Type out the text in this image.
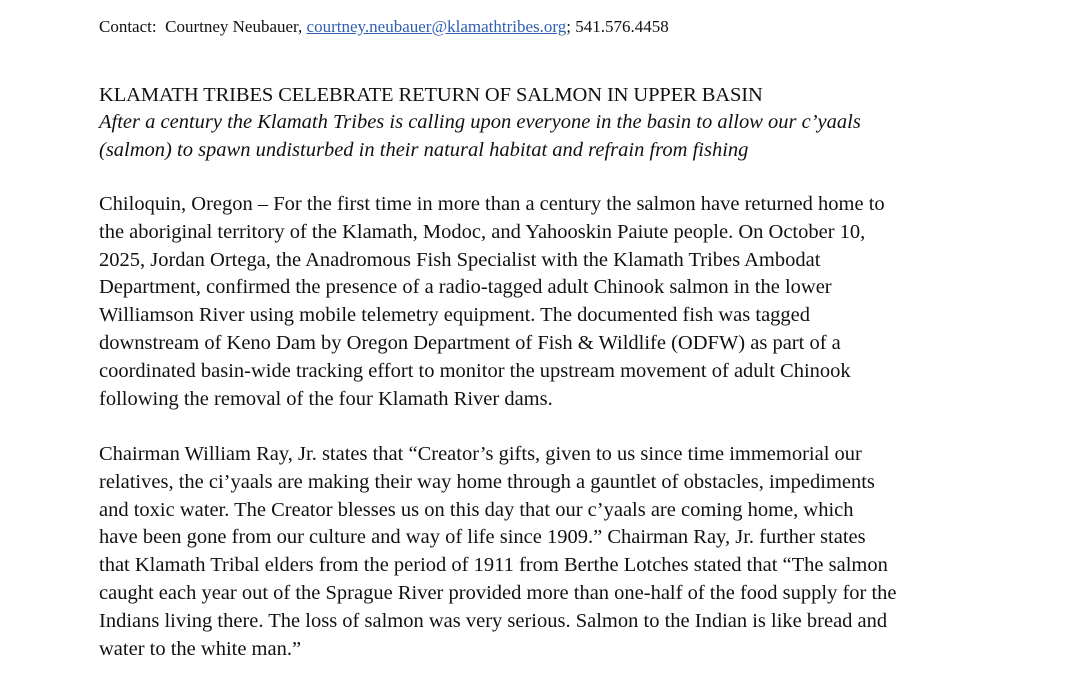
Contact: Courtney Neubauer, courtney.neubauer@klamathtribes.org; 541.576.4458
KLAMATH TRIBES CELEBRATE RETURN OF SALMON IN UPPER BASIN
After a century the Klamath Tribes is calling upon everyone in the basin to allow our c’yaals
(salmon) to spawn undisturbed in their natural habitat and refrain from fishing
Chiloquin, Oregon – For the first time in more than a century the salmon have returned home to
the aboriginal territory of the Klamath, Modoc, and Yahooskin Paiute people. On October 10,
2025, Jordan Ortega, the Anadromous Fish Specialist with the Klamath Tribes Ambodat
Department, confirmed the presence of a radio-tagged adult Chinook salmon in the lower
Williamson River using mobile telemetry equipment. The documented fish was tagged
downstream of Keno Dam by Oregon Department of Fish & Wildlife (ODFW) as part of a
coordinated basin-wide tracking effort to monitor the upstream movement of adult Chinook
following the removal of the four Klamath River dams.
Chairman William Ray, Jr. states that “Creator’s gifts, given to us since time immemorial our
relatives, the ci’yaals are making their way home through a gauntlet of obstacles, impediments
and toxic water. The Creator blesses us on this day that our c’yaals are coming home, which
have been gone from our culture and way of life since 1909.” Chairman Ray, Jr. further states
that Klamath Tribal elders from the period of 1911 from Berthe Lotches stated that “The salmon
caught each year out of the Sprague River provided more than one-half of the food supply for the
Indians living there. The loss of salmon was very serious. Salmon to the Indian is like bread and
water to the white man.”
